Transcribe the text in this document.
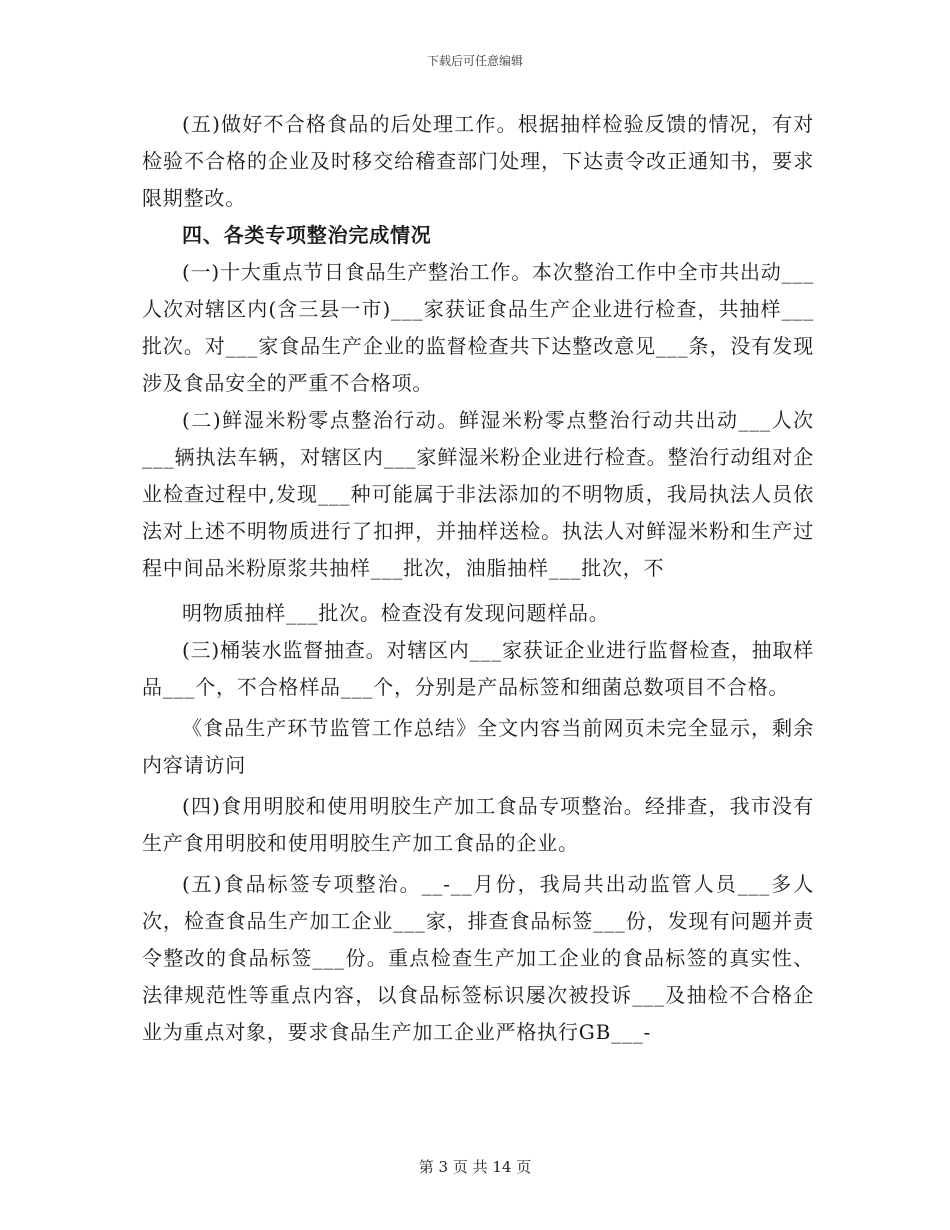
下载后可任意编辑

(五)做好不合格食品的后处理工作。根据抽样检验反馈的情况，有对检验不合格的企业及时移交给稽查部门处理，下达责令改正通知书，要求限期整改。

四、各类专项整治完成情况

(一)十大重点节日食品生产整治工作。本次整治工作中全市共出动___人次对辖区内(含三县一市)___家获证食品生产企业进行检查，共抽样___批次。对___家食品生产企业的监督检查共下达整改意见___条，没有发现涉及食品安全的严重不合格项。

(二)鲜湿米粉零点整治行动。鲜湿米粉零点整治行动共出动___人次___辆执法车辆，对辖区内___家鲜湿米粉企业进行检查。整治行动组对企业检查过程中,发现___种可能属于非法添加的不明物质，我局执法人员依法对上述不明物质进行了扣押，并抽样送检。执法人对鲜湿米粉和生产过程中间品米粉原浆共抽样___批次，油脂抽样___批次，不

明物质抽样___批次。检查没有发现问题样品。

(三)桶装水监督抽查。对辖区内___家获证企业进行监督检查，抽取样品___个，不合格样品___个，分别是产品标签和细菌总数项目不合格。

《食品生产环节监管工作总结》全文内容当前网页未完全显示，剩余内容请访问

(四)食用明胶和使用明胶生产加工食品专项整治。经排查，我市没有生产食用明胶和使用明胶生产加工食品的企业。

(五)食品标签专项整治。__-__月份，我局共出动监管人员___多人次，检查食品生产加工企业___家，排查食品标签___份，发现有问题并责令整改的食品标签___份。重点检查生产加工企业的食品标签的真实性、法律规范性等重点内容，以食品标签标识屡次被投诉___及抽检不合格企业为重点对象，要求食品生产加工企业严格执行GB___-

第 3 页 共 14 页
